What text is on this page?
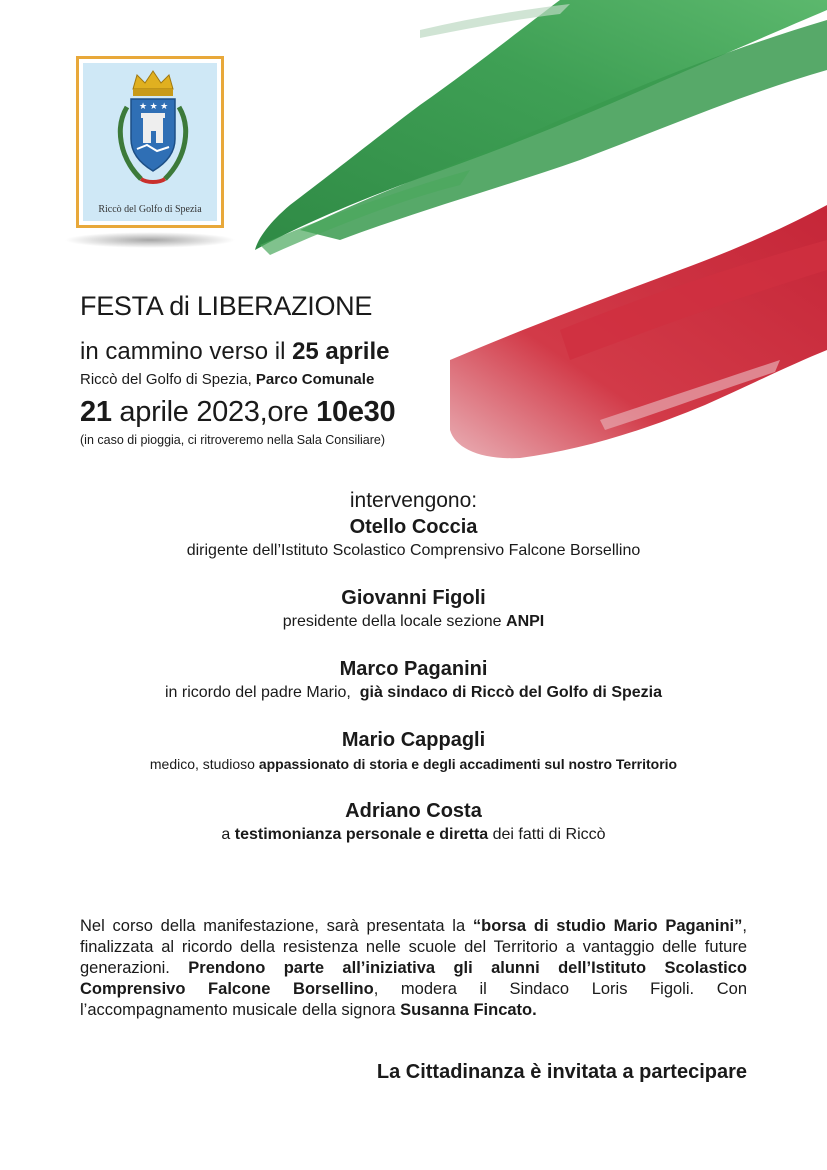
★ ★ ★
Riccò del Golfo di Spezia
FESTA di LIBERAZIONE
in cammino verso il 25 aprile
Riccò del Golfo di Spezia, Parco Comunale
21 aprile 2023,ore 10e30
(in caso di pioggia, ci ritroveremo nella Sala Consiliare)
intervengono:
Otello Coccia
dirigente dell’Istituto Scolastico Comprensivo Falcone Borsellino
Giovanni Figoli
presidente della locale sezione ANPI
Marco Paganini
in ricordo del padre Mario,  già sindaco di Riccò del Golfo di Spezia
Mario Cappagli
medico, studioso appassionato di storia e degli accadimenti sul nostro Territorio
Adriano Costa
a testimonianza personale e diretta dei fatti di Riccò
Nel corso della manifestazione, sarà presentata la “borsa di studio Mario Paganini”, finalizzata al ricordo della resistenza nelle scuole del Territorio a vantaggio delle future generazioni. Prendono parte all’iniziativa gli alunni dell’Istituto Scolastico Comprensivo Falcone Borsellino, modera il Sindaco Loris Figoli. Con l’accompagnamento musicale della signora Susanna Fincato.
La Cittadinanza è invitata a partecipare
